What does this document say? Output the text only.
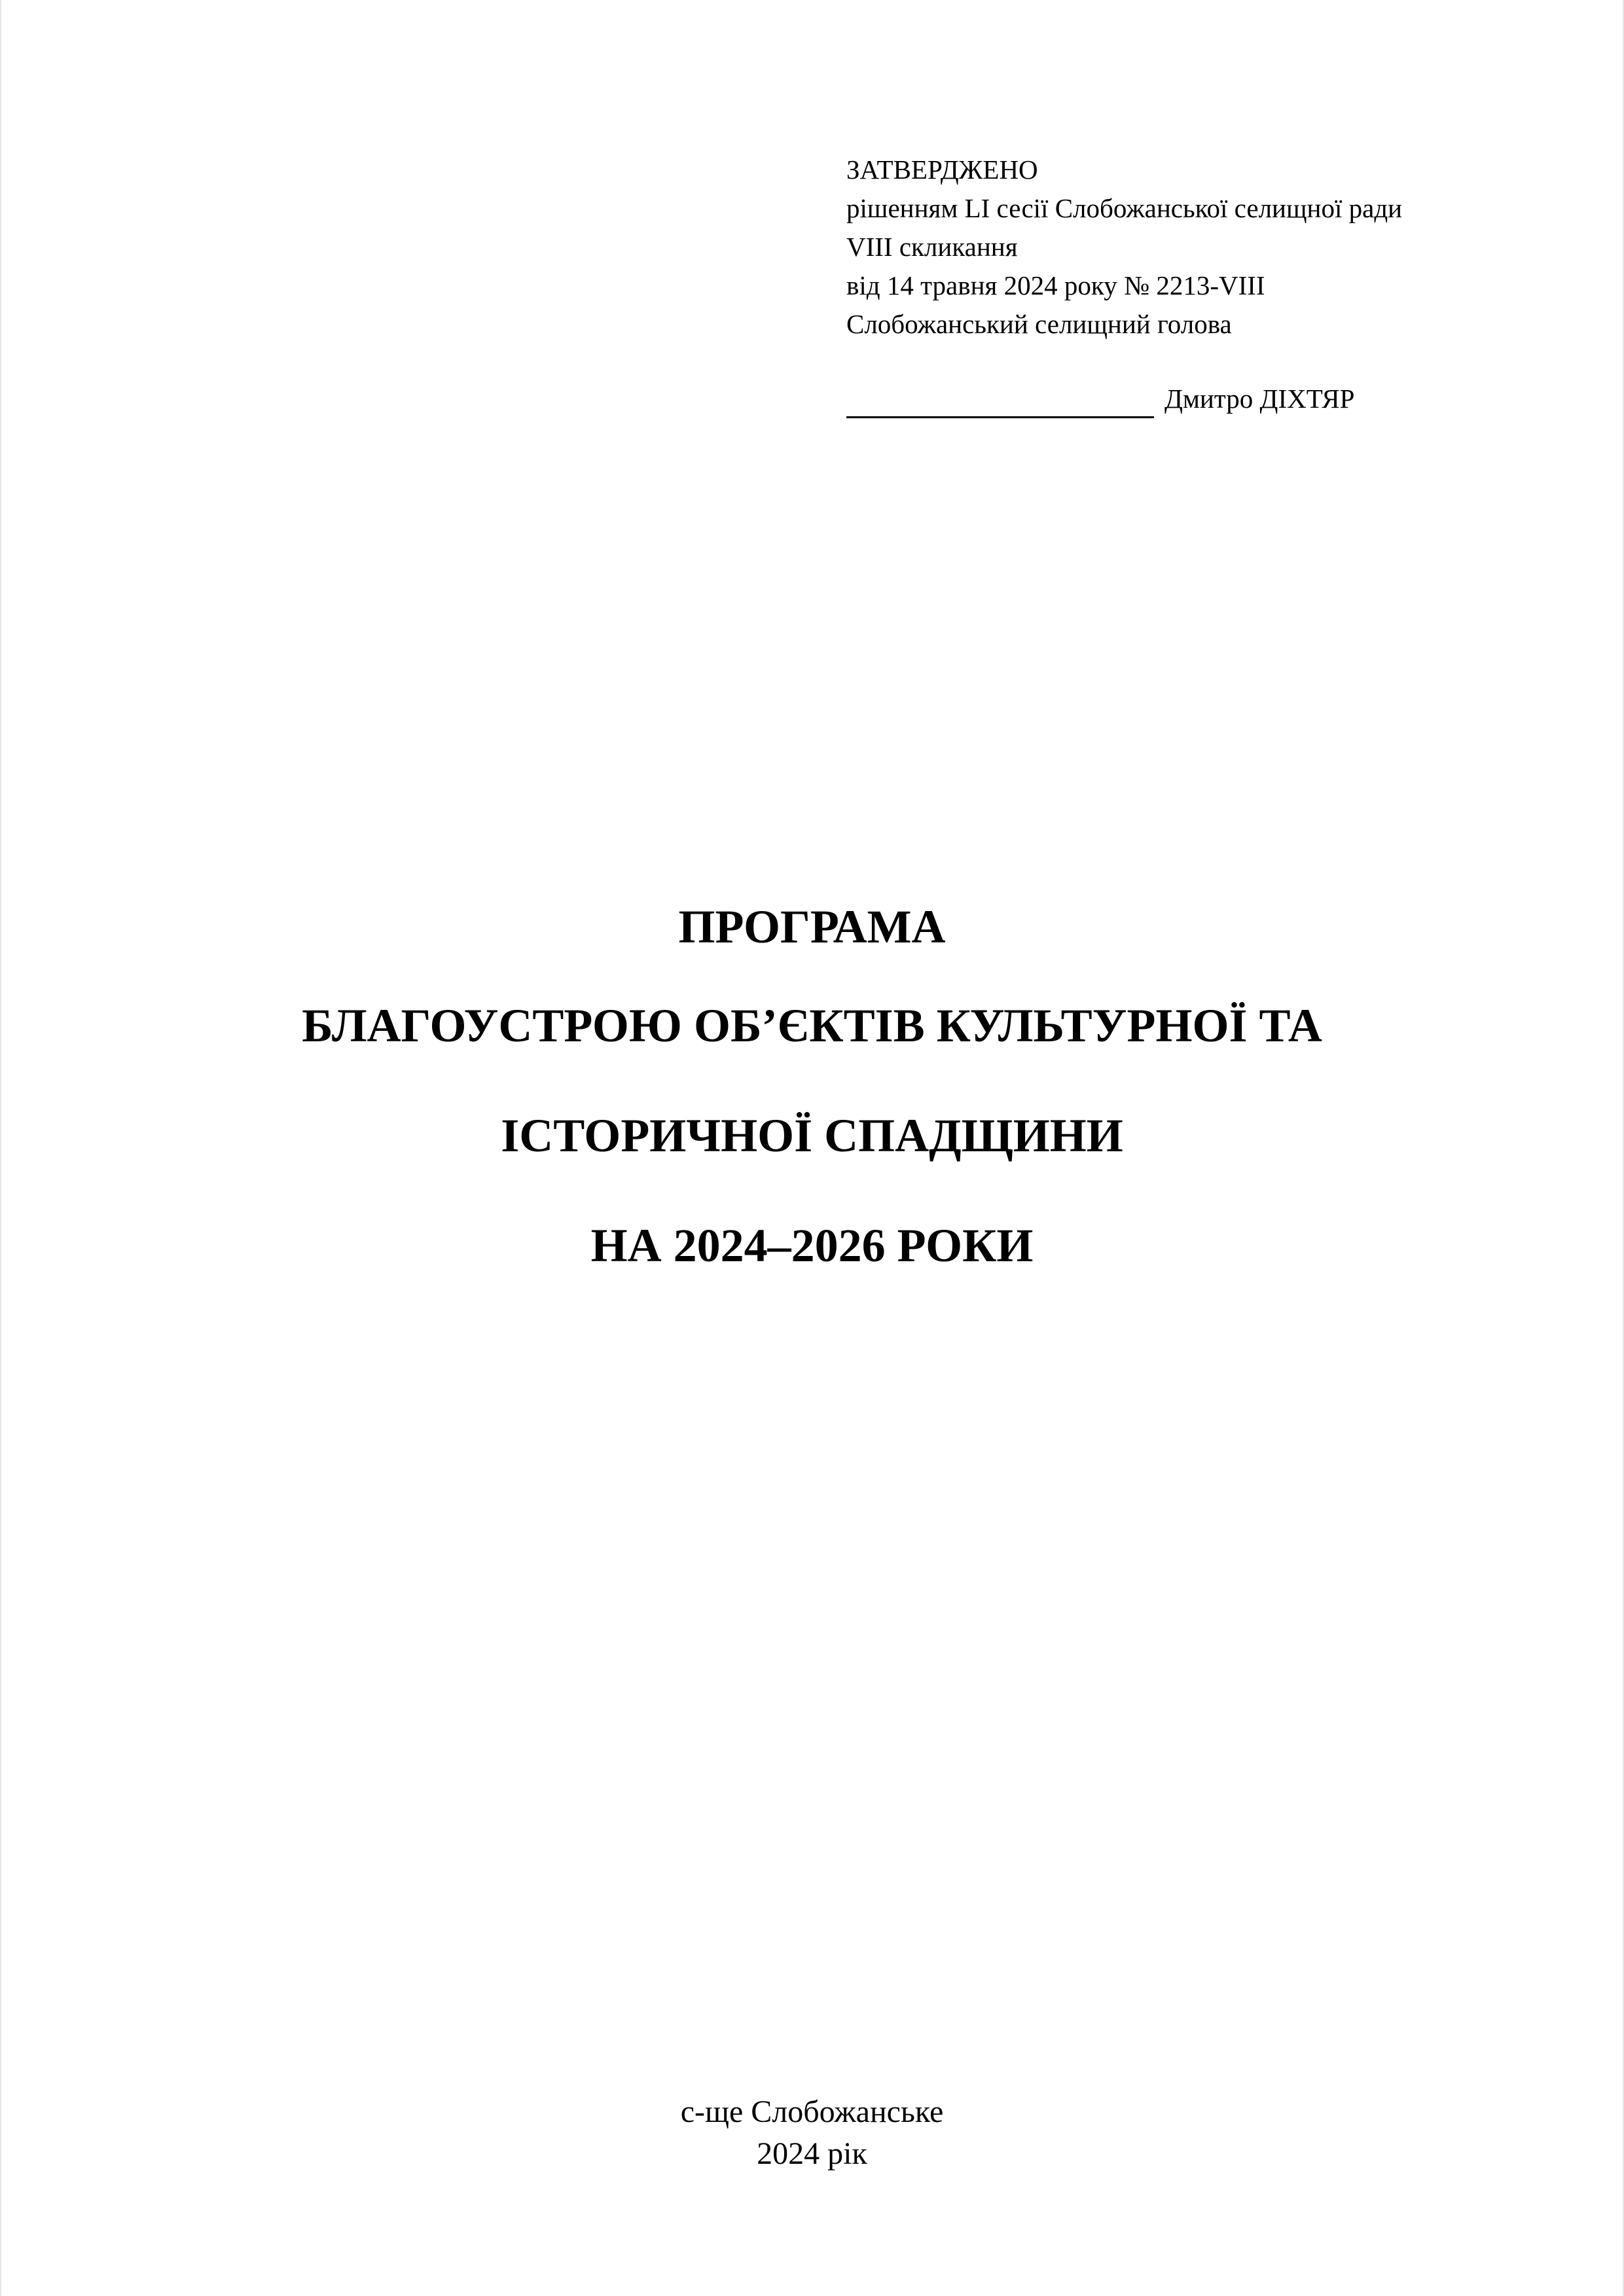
ЗАТВЕРДЖЕНО
рішенням LI сесії Слобожанської селищної ради
VIII скликання
від 14 травня 2024 року № 2213-VIII
Слобожанський селищний голова
Дмитро ДІХТЯР
ПРОГРАМА
БЛАГОУСТРОЮ ОБ’ЄКТІВ КУЛЬТУРНОЇ ТА
ІСТОРИЧНОЇ СПАДЩИНИ
НА 2024–2026 РОКИ
с-ще Слобожанське
2024 рік
